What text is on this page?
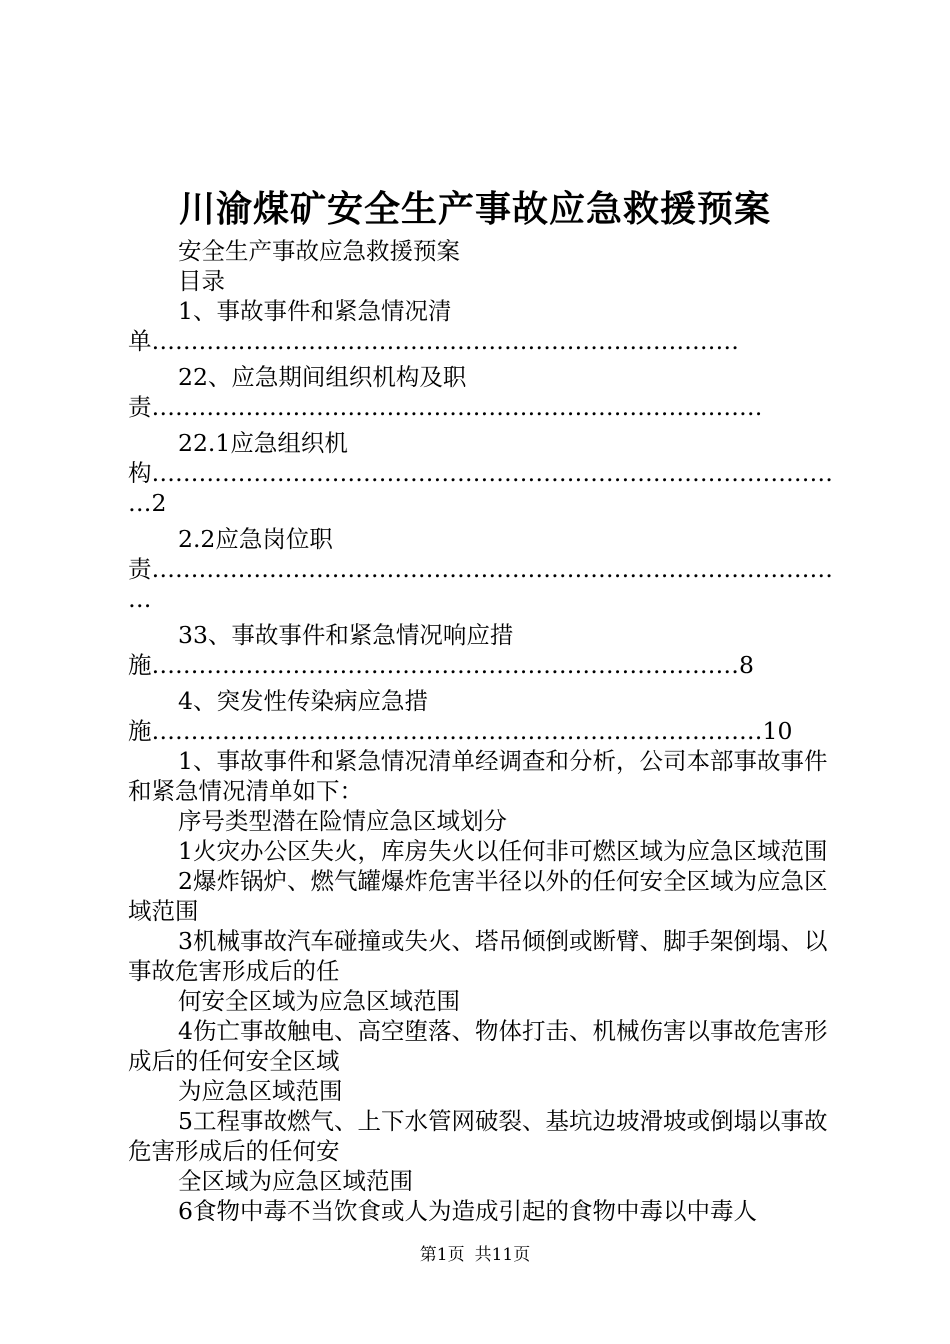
川渝煤矿安全生产事故应急救援预案

安全生产事故应急救援预案

目录

1、事故事件和紧急情况清单…………………………………………………………………

22、应急期间组织机构及职责……………………………………………………………………

22.1应急组织机构………………………………………………………………………………2

2.2应急岗位职责………………………………………………………………………………

33、事故事件和紧急情况响应措施…………………………………………………………………8

4、突发性传染病应急措施……………………………………………………………………10

1、事故事件和紧急情况清单经调查和分析，公司本部事故事件和紧急情况清单如下：

序号类型潜在险情应急区域划分

1火灾办公区失火，库房失火以任何非可燃区域为应急区域范围

2爆炸锅炉、燃气罐爆炸危害半径以外的任何安全区域为应急区域范围

3机械事故汽车碰撞或失火、塔吊倾倒或断臂、脚手架倒塌、以事故危害形成后的任

何安全区域为应急区域范围

4伤亡事故触电、高空堕落、物体打击、机械伤害以事故危害形成后的任何安全区域

为应急区域范围

5工程事故燃气、上下水管网破裂、基坑边坡滑坡或倒塌以事故危害形成后的任何安

全区域为应急区域范围

6食物中毒不当饮食或人为造成引起的食物中毒以中毒人

第1页 共11页
